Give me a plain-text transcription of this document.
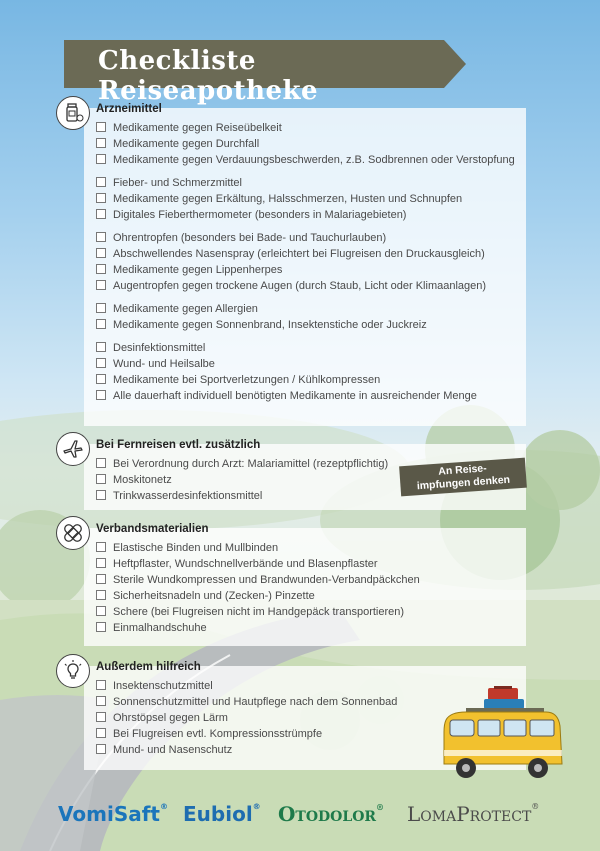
Checkliste Reiseapotheke
Arzneimittel
Medikamente gegen Reiseübelkeit
Medikamente gegen Durchfall
Medikamente gegen Verdauungsbeschwerden, z.B. Sodbrennen oder Verstopfung
Fieber- und Schmerzmittel
Medikamente gegen Erkältung, Halsschmerzen, Husten und Schnupfen
Digitales Fieberthermometer (besonders in Malariagebieten)
Ohrentropfen (besonders bei Bade- und Tauchurlauben)
Abschwellendes Nasenspray (erleichtert bei Flugreisen den Druckausgleich)
Medikamente gegen Lippenherpes
Augentropfen gegen trockene Augen (durch Staub, Licht oder Klimaanlagen)
Medikamente gegen Allergien
Medikamente gegen Sonnenbrand, Insektenstiche oder Juckreiz
Desinfektionsmittel
Wund- und Heilsalbe
Medikamente bei Sportverletzungen / Kühlkompressen
Alle dauerhaft individuell benötigten Medikamente in ausreichender Menge
Bei Fernreisen evtl. zusätzlich
Bei Verordnung durch Arzt: Malariamittel (rezeptpflichtig)
Moskitonetz
Trinkwasserdesinfektionsmittel
An Reise-
impfungen denken
Verbandsmaterialien
Elastische Binden und Mullbinden
Heftpflaster, Wundschnellverbände und Blasenpflaster
Sterile Wundkompressen und Brandwunden-Verbandpäckchen
Sicherheitsnadeln und (Zecken-) Pinzette
Schere (bei Flugreisen nicht im Handgepäck transportieren)
Einmalhandschuhe
Außerdem hilfreich
Insektenschutzmittel
Sonnenschutzmittel und Hautpflege nach dem Sonnenbad
Ohrstöpsel gegen Lärm
Bei Flugreisen evtl. Kompressionsstrümpfe
Mund- und Nasenschutz
VomiSaft® Eubiol® Otodolor® LomaProtect®
